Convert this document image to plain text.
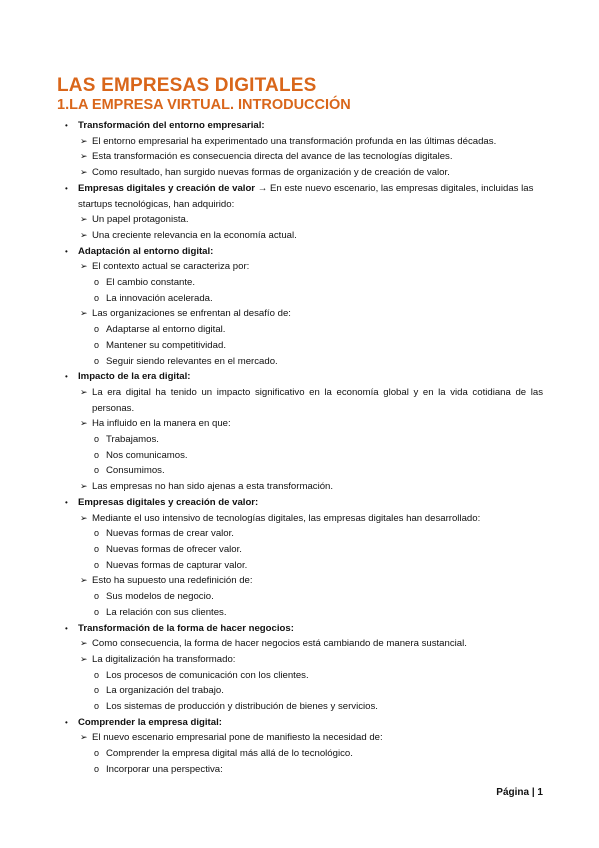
LAS EMPRESAS DIGITALES
1.LA EMPRESA VIRTUAL. INTRODUCCIÓN
• Transformación del entorno empresarial:
➢ El entorno empresarial ha experimentado una transformación profunda en las últimas décadas.
➢ Esta transformación es consecuencia directa del avance de las tecnologías digitales.
➢ Como resultado, han surgido nuevas formas de organización y de creación de valor.
• Empresas digitales y creación de valor → En este nuevo escenario, las empresas digitales, incluidas las
startups tecnológicas, han adquirido:
➢ Un papel protagonista.
➢ Una creciente relevancia en la economía actual.
• Adaptación al entorno digital:
➢ El contexto actual se caracteriza por:
o El cambio constante.
o La innovación acelerada.
➢ Las organizaciones se enfrentan al desafío de:
o Adaptarse al entorno digital.
o Mantener su competitividad.
o Seguir siendo relevantes en el mercado.
• Impacto de la era digital:
➢ La era digital ha tenido un impacto significativo en la economía global y en la vida cotidiana de las personas.
➢ Ha influido en la manera en que:
o Trabajamos.
o Nos comunicamos.
o Consumimos.
➢ Las empresas no han sido ajenas a esta transformación.
• Empresas digitales y creación de valor:
➢ Mediante el uso intensivo de tecnologías digitales, las empresas digitales han desarrollado:
o Nuevas formas de crear valor.
o Nuevas formas de ofrecer valor.
o Nuevas formas de capturar valor.
➢ Esto ha supuesto una redefinición de:
o Sus modelos de negocio.
o La relación con sus clientes.
• Transformación de la forma de hacer negocios:
➢ Como consecuencia, la forma de hacer negocios está cambiando de manera sustancial.
➢ La digitalización ha transformado:
o Los procesos de comunicación con los clientes.
o La organización del trabajo.
o Los sistemas de producción y distribución de bienes y servicios.
• Comprender la empresa digital:
➢ El nuevo escenario empresarial pone de manifiesto la necesidad de:
o Comprender la empresa digital más allá de lo tecnológico.
o Incorporar una perspectiva:
Página | 1
